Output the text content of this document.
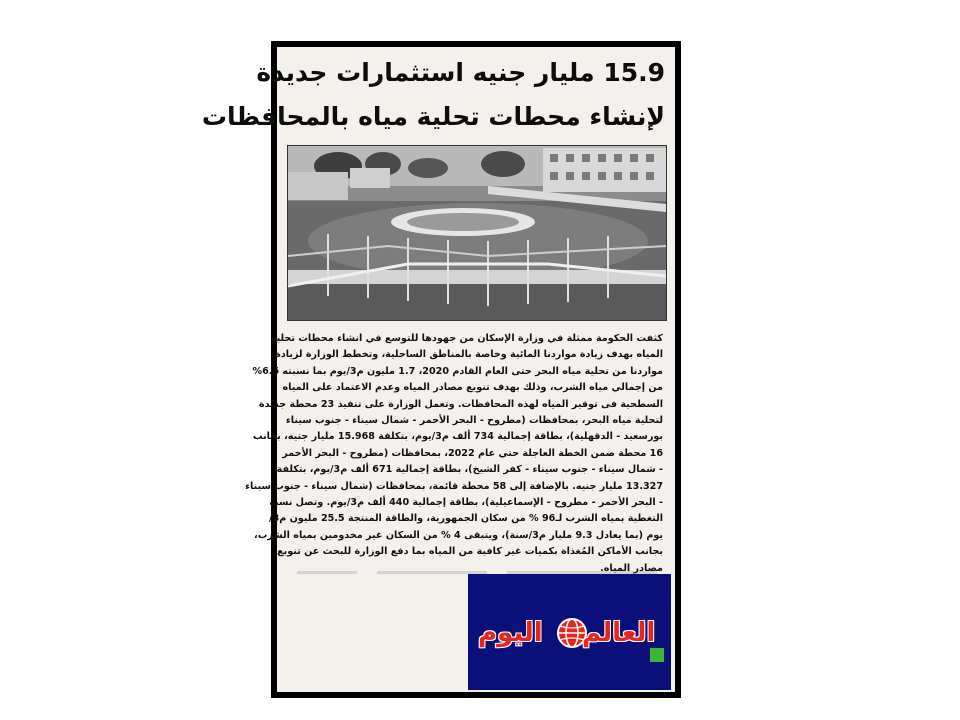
15.9 مليار جنيه استثمارات جديدة
لإنشاء محطات تحلية مياه بالمحافظات
كثفت الحكومة ممثلة في وزارة الإسكان من جهودها للتوسع في انشاء محطات تحلية
المياه بهدف زيادة مواردنا المائية وخاصة بالمناطق الساحلية، وتخطط الوزارة لزيادة
مواردنا من تحلية مياه البحر حتى العام القادم 2020، 1.7 مليون م3/يوم بما نسبته 6.6%
من إجمالي مياه الشرب، وذلك بهدف تنويع مصادر المياه وعدم الاعتماد على المياه
السطحية فى توفير المياه لهذه المحافظات. وتعمل الوزارة على تنفيذ 23 محطة جديدة
لتحلية مياه البحر، بمحافظات (مطروح - البحر الأحمر - شمال سيناء - جنوب سيناء
بورسعيد - الدقهلية)، بطاقة إجمالية 734 ألف م3/يوم، بتكلفة 15.968 مليار جنيه، بجانب
16 محطة ضمن الخطة العاجلة حتي عام 2022، بمحافظات (مطروح - البحر الأحمر
- شمال سيناء - جنوب سيناء - كفر الشيخ)، بطاقة إجمالية 671 ألف م3/يوم، بتكلفة
13.327 مليار جنيه. بالإضافة إلى 58 محطة قائمة، بمحافظات (شمال سيناء - جنوب سيناء
- البحر الأحمر - مطروح - الإسماعيلية)، بطاقة إجمالية 440 ألف م3/يوم. وتصل نسبة
التغطية بمياه الشرب لـ96 % من سكان الجمهورية، والطاقة المنتجة 25.5 مليون م3/
يوم (بما يعادل 9.3 مليار م3/سنة)، ويتبقى 4 % من السكان غير مخدومين بمياه الشرب،
بجانب الأماكن المُغذاة بكميات غير كافية من المياه بما دفع الوزارة للبحث عن تنويع
مصادر المياه.
اليوم العالم
